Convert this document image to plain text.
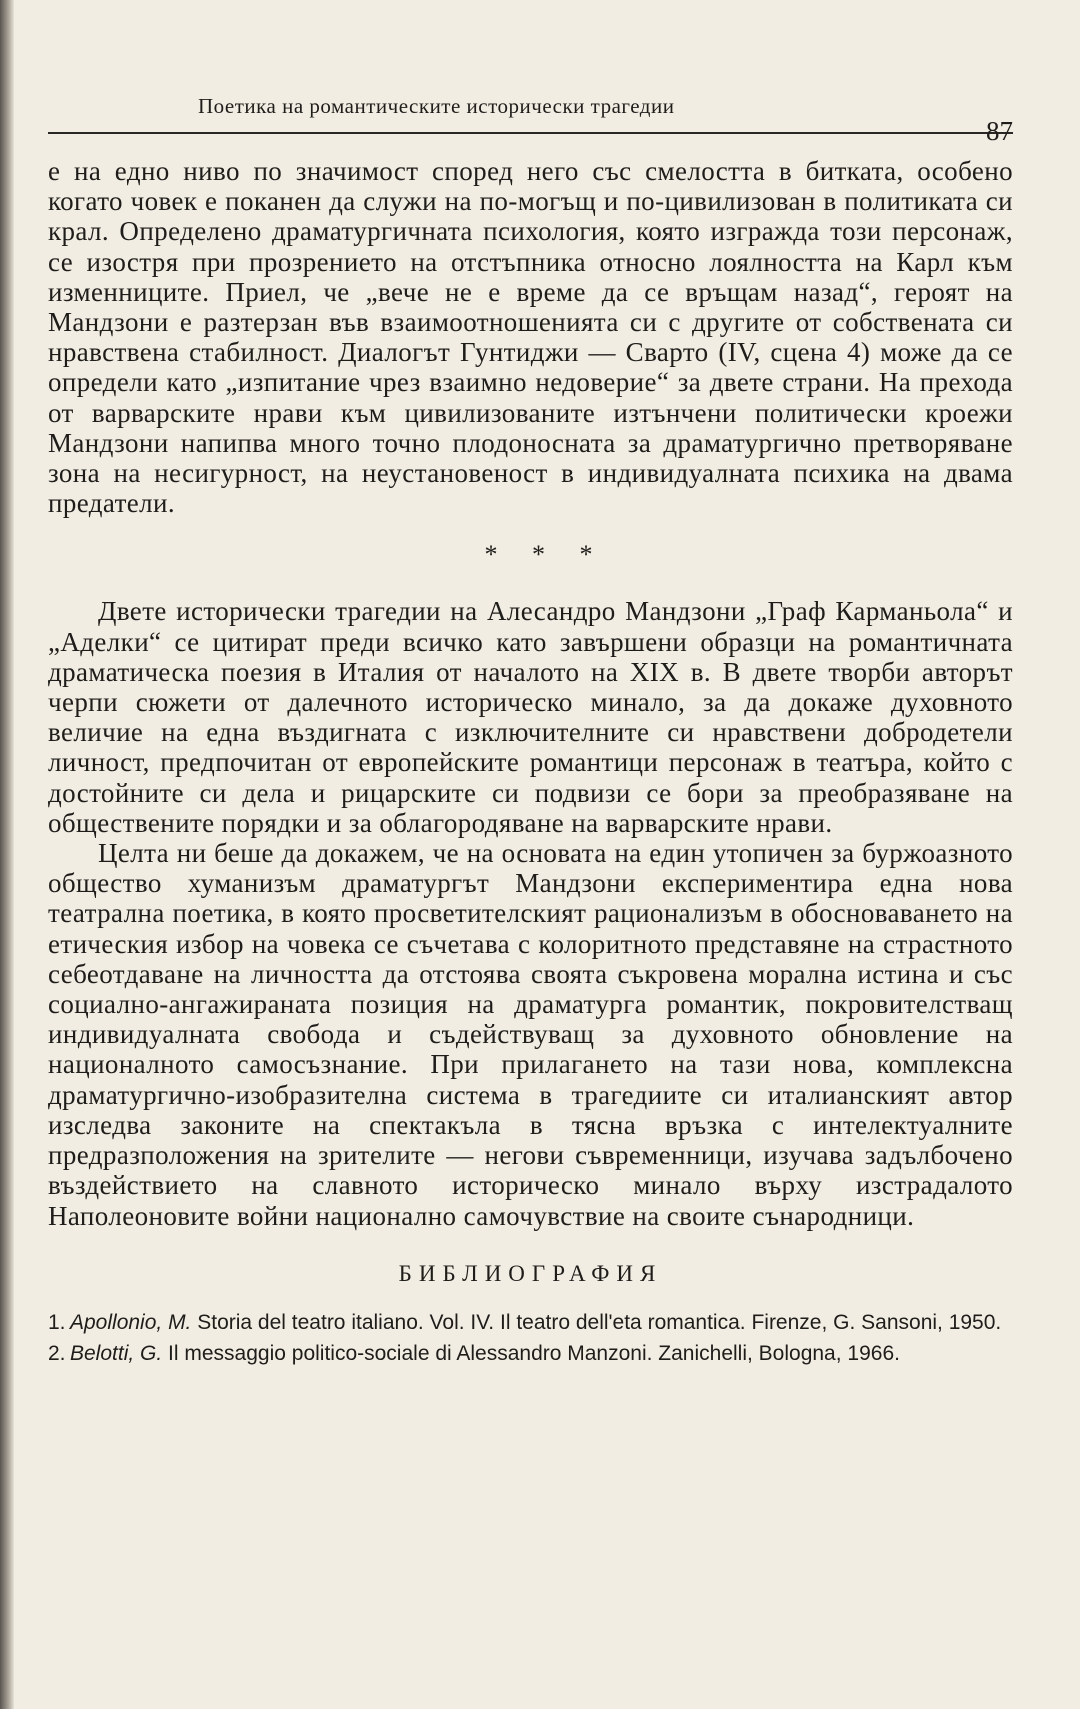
Поетика на романтическите исторически трагедии
87

е на едно ниво по значимост според него със смелостта в битката, особено когато човек е поканен да служи на по-могъщ и по-цивилизован в политиката си крал. Определено драматургичната психология, която изгражда този персонаж, се изостря при прозрението на отстъпника относно лоялността на Карл към изменниците. Приел, че „вече не е време да се връщам назад“, героят на Мандзони е разтерзан във взаимоотношенията си с другите от собствената си нравствена стабилност. Диалогът Гунтиджи — Сварто (IV, сцена 4) може да се определи като „изпитание чрез взаимно недоверие“ за двете страни. На прехода от варварските нрави към цивилизованите изтънчени политически кроежи Мандзони напипва много точно плодоносната за драматургично претворяване зона на несигурност, на неустановеност в индивидуалната психика на двама предатели.

* * *

Двете исторически трагедии на Алесандро Мандзони „Граф Карманьола“ и „Аделки“ се цитират преди всичко като завършени образци на романтичната драматическа поезия в Италия от началото на XIX в. В двете творби авторът черпи сюжети от далечното историческо минало, за да докаже духовното величие на една въздигната с изключителните си нравствени добродетели личност, предпочитан от европейските романтици персонаж в театъра, който с достойните си дела и рицарските си подвизи се бори за преобразяване на обществените порядки и за облагородяване на варварските нрави.

Целта ни беше да докажем, че на основата на един утопичен за буржоазното общество хуманизъм драматургът Мандзони експериментира една нова театрална поетика, в която просветителският рационализъм в обосноваването на етическия избор на човека се съчетава с колоритното представяне на страстното себеотдаване на личността да отстоява своята съкровена морална истина и със социално-ангажираната позиция на драматурга романтик, покровителстващ индивидуалната свобода и съдействуващ за духовното обновление на националното самосъзнание. При прилагането на тази нова, комплексна драматургично-изобразителна система в трагедиите си италианският автор изследва законите на спектакъла в тясна връзка с интелектуалните предразположения на зрителите — негови съвременници, изучава задълбочено въздействието на славното историческо минало върху изстрадалото Наполеоновите войни национално самочувствие на своите сънародници.

БИБЛИОГРАФИЯ
1. Apollonio, M. Storia del teatro italiano. Vol. IV. Il teatro dell'eta romantica. Firenze, G. Sansoni, 1950.
2. Belotti, G. Il messaggio politico-sociale di Alessandro Manzoni. Zanichelli, Bologna, 1966.
